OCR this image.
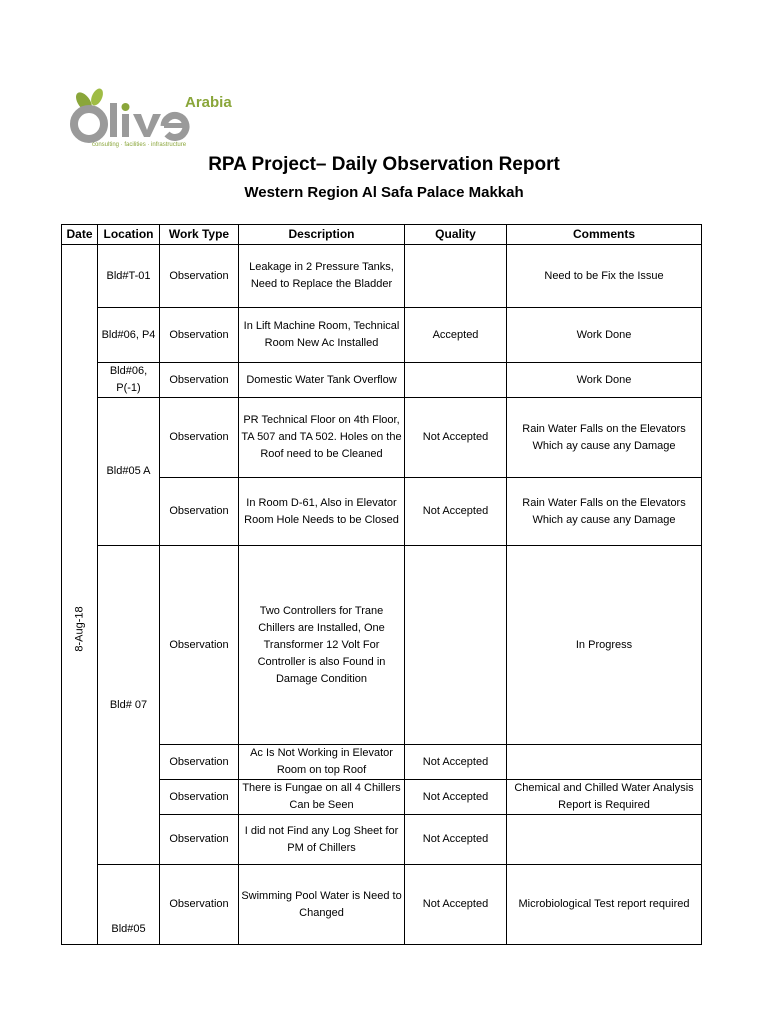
Arabia
consulting · facilities · infrastructure
RPA Project– Daily Observation Report
Western Region Al Safa Palace Makkah
Date	Location	Work Type	Description	Quality	Comments

8-Aug-18	Bld#T-01	Observation	Leakage in 2 Pressure Tanks, Need to Replace the Bladder		Need to be Fix the Issue
	Bld#06, P4	Observation	In Lift Machine Room, Technical Room New Ac Installed	Accepted	Work Done
	Bld#06, P(-1)	Observation	Domestic Water Tank Overflow		Work Done
	Bld#05 A	Observation	PR Technical Floor on 4th Floor, TA 507 and TA 502. Holes on the Roof need to be Cleaned	Not Accepted	Rain Water Falls on the Elevators Which ay cause any Damage
		Observation	In Room D-61, Also in Elevator Room Hole Needs to be Closed	Not Accepted	Rain Water Falls on the Elevators Which ay cause any Damage
	Bld# 07	Observation	Two Controllers for Trane Chillers are Installed, One Transformer 12 Volt For Controller is also Found in Damage Condition		In Progress
		Observation	Ac Is Not Working in Elevator Room on top Roof	Not Accepted	
		Observation	There is Fungae on all 4 Chillers Can be Seen	Not Accepted	Chemical and Chilled Water Analysis Report is Required
		Observation	I did not Find any Log Sheet for PM of Chillers	Not Accepted	
	Bld#05	Observation	Swimming Pool Water is Need to Changed	Not Accepted	Microbiological Test report required
